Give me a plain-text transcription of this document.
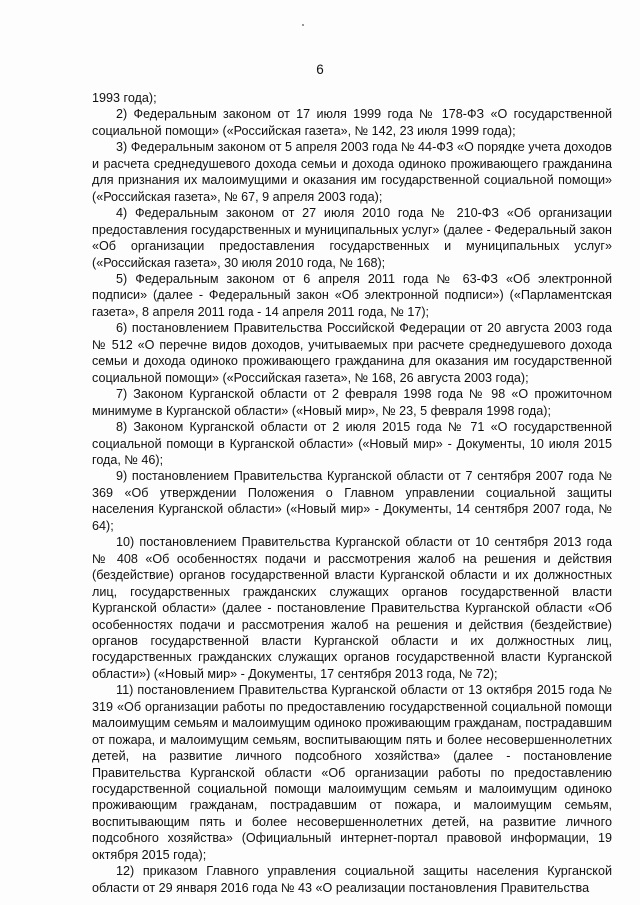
6

1993 года);

2) Федеральным законом от 17 июля 1999 года № 178-ФЗ «О государственной социальной помощи» («Российская газета», № 142, 23 июля 1999 года);

3) Федеральным законом от 5 апреля 2003 года № 44-ФЗ «О порядке учета доходов и расчета среднедушевого дохода семьи и дохода одиноко проживающего гражданина для признания их малоимущими и оказания им государственной социальной помощи» («Российская газета», № 67, 9 апреля 2003 года);

4) Федеральным законом от 27 июля 2010 года № 210-ФЗ «Об организации предоставления государственных и муниципальных услуг» (далее - Федеральный закон «Об организации предоставления государственных и муниципальных услуг» («Российская газета», 30 июля 2010 года, № 168);

5) Федеральным законом от 6 апреля 2011 года № 63-ФЗ «Об электронной подписи» (далее - Федеральный закон «Об электронной подписи») («Парламентская газета», 8 апреля 2011 года - 14 апреля 2011 года, № 17);

6) постановлением Правительства Российской Федерации от 20 августа 2003 года № 512 «О перечне видов доходов, учитываемых при расчете среднедушевого дохода семьи и дохода одиноко проживающего гражданина для оказания им государственной социальной помощи» («Российская газета», № 168, 26 августа 2003 года);

7) Законом Курганской области от 2 февраля 1998 года № 98 «О прожиточном минимуме в Курганской области» («Новый мир», № 23, 5 февраля 1998 года);

8) Законом Курганской области от 2 июля 2015 года № 71 «О государственной социальной помощи в Курганской области» («Новый мир» - Документы, 10 июля 2015 года, № 46);

9) постановлением Правительства Курганской области от 7 сентября 2007 года № 369 «Об утверждении Положения о Главном управлении социальной защиты населения Курганской области» («Новый мир» - Документы, 14 сентября 2007 года, № 64);

10) постановлением Правительства Курганской области от 10 сентября 2013 года № 408 «Об особенностях подачи и рассмотрения жалоб на решения и действия (бездействие) органов государственной власти Курганской области и их должностных лиц, государственных гражданских служащих органов государственной власти Курганской области» (далее - постановление Правительства Курганской области «Об особенностях подачи и рассмотрения жалоб на решения и действия (бездействие) органов государственной власти Курганской области и их должностных лиц, государственных гражданских служащих органов государственной власти Курганской области») («Новый мир» - Документы, 17 сентября 2013 года, № 72);

11) постановлением Правительства Курганской области от 13 октября 2015 года № 319 «Об организации работы по предоставлению государственной социальной помощи малоимущим семьям и малоимущим одиноко проживающим гражданам, пострадавшим от пожара, и малоимущим семьям, воспитывающим пять и более несовершеннолетних детей, на развитие личного подсобного хозяйства» (далее - постановление Правительства Курганской области «Об организации работы по предоставлению государственной социальной помощи малоимущим семьям и малоимущим одиноко проживающим гражданам, пострадавшим от пожара, и малоимущим семьям, воспитывающим пять и более несовершеннолетних детей, на развитие личного подсобного хозяйства» (Официальный интернет-портал правовой информации, 19 октября 2015 года);

12) приказом Главного управления социальной защиты населения Курганской области от 29 января 2016 года № 43 «О реализации постановления Правительства
